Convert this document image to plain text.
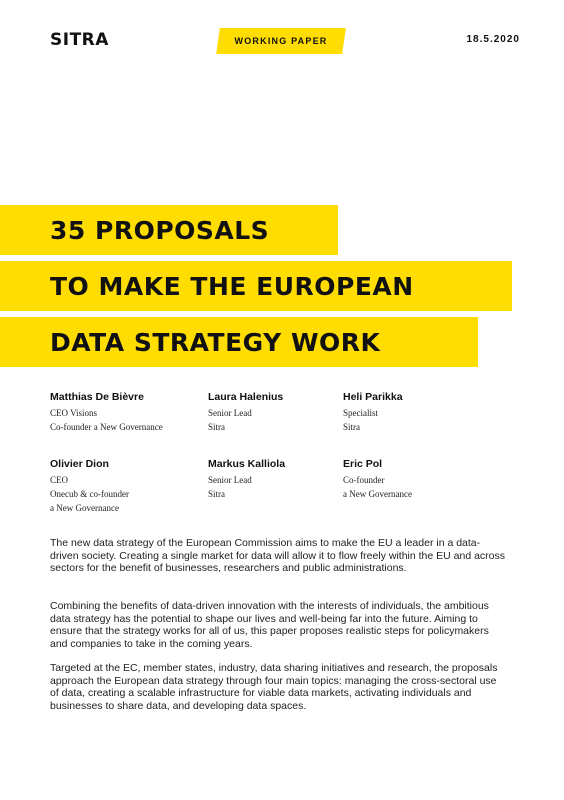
SITRA	WORKING PAPER	18.5.2020
35 PROPOSALS
TO MAKE THE EUROPEAN
DATA STRATEGY WORK
Matthias De Bièvre
CEO Visions
Co-founder a New Governance
Laura Halenius
Senior Lead
Sitra
Heli Parikka
Specialist
Sitra
Olivier Dion
CEO
Onecub & co-founder
a New Governance
Markus Kalliola
Senior Lead
Sitra
Eric Pol
Co-founder
a New Governance

The new data strategy of the European Commission aims to make the EU a leader in a data-driven society. Creating a single market for data will allow it to flow freely within the EU and across sectors for the benefit of businesses, researchers and public administrations.

Combining the benefits of data-driven innovation with the interests of individuals, the ambitious data strategy has the potential to shape our lives and well-being far into the future. Aiming to ensure that the strategy works for all of us, this paper proposes realistic steps for policymakers and companies to take in the coming years.

Targeted at the EC, member states, industry, data sharing initiatives and research, the proposals approach the European data strategy through four main topics: managing the cross-sectoral use of data, creating a scalable infrastructure for viable data markets, activating individuals and businesses to share data, and developing data spaces.
